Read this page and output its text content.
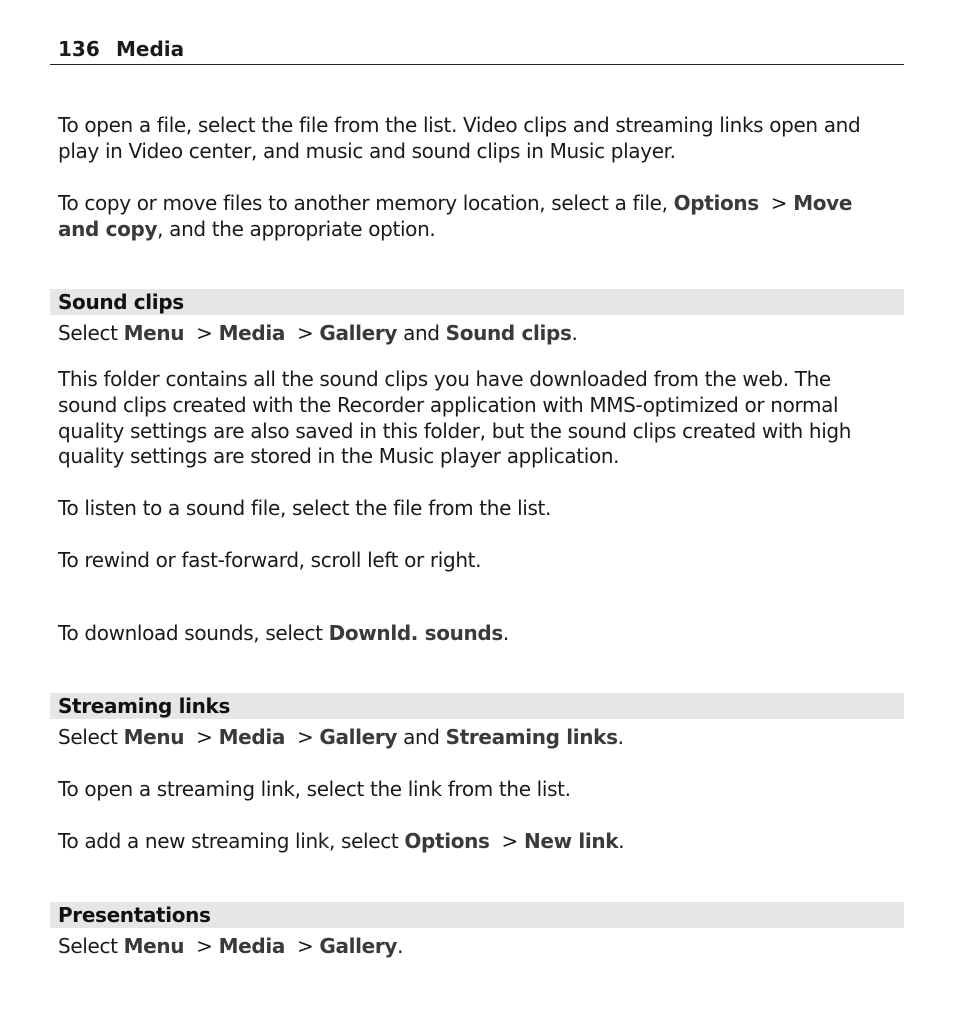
136 Media

To open a file, select the file from the list. Video clips and streaming links open and

play in Video center, and music and sound clips in Music player.

To copy or move files to another memory location, select a file, Options  > Move

and copy, and the appropriate option.

Sound clips

Select Menu  > Media  > Gallery and Sound clips.

This folder contains all the sound clips you have downloaded from the web. The

sound clips created with the Recorder application with MMS-optimized or normal

quality settings are also saved in this folder, but the sound clips created with high

quality settings are stored in the Music player application.

To listen to a sound file, select the file from the list.

To rewind or fast-forward, scroll left or right.

To download sounds, select Downld. sounds.

Streaming links

Select Menu  > Media  > Gallery and Streaming links.

To open a streaming link, select the link from the list.

To add a new streaming link, select Options  > New link.

Presentations

Select Menu  > Media  > Gallery.
